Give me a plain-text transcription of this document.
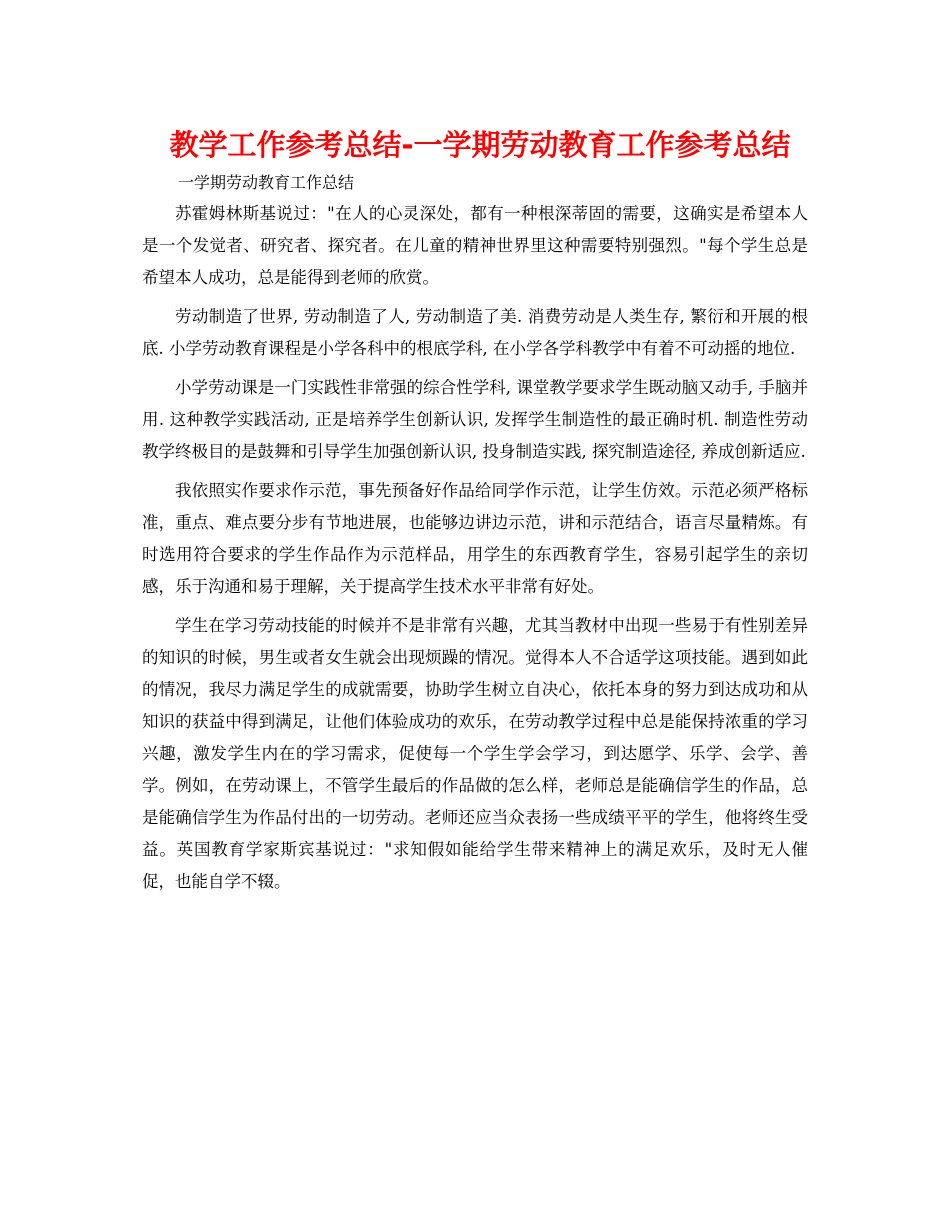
教学工作参考总结-一学期劳动教育工作参考总结
一学期劳动教育工作总结

苏霍姆林斯基说过："在人的心灵深处，都有一种根深蒂固的需要，这确实是希望本人是一个发觉者、研究者、探究者。在儿童的精神世界里这种需要特别强烈。"每个学生总是希望本人成功，总是能得到老师的欣赏。

劳动制造了世界, 劳动制造了人, 劳动制造了美. 消费劳动是人类生存, 繁衍和开展的根底. 小学劳动教育课程是小学各科中的根底学科, 在小学各学科教学中有着不可动摇的地位.

小学劳动课是一门实践性非常强的综合性学科, 课堂教学要求学生既动脑又动手, 手脑并用. 这种教学实践活动, 正是培养学生创新认识, 发挥学生制造性的最正确时机. 制造性劳动教学终极目的是鼓舞和引导学生加强创新认识, 投身制造实践, 探究制造途径, 养成创新适应.

我依照实作要求作示范，事先预备好作品给同学作示范，让学生仿效。示范必须严格标准，重点、难点要分步有节地进展，也能够边讲边示范，讲和示范结合，语言尽量精炼。有时选用符合要求的学生作品作为示范样品，用学生的东西教育学生，容易引起学生的亲切感，乐于沟通和易于理解，关于提高学生技术水平非常有好处。

学生在学习劳动技能的时候并不是非常有兴趣，尤其当教材中出现一些易于有性别差异的知识的时候，男生或者女生就会出现烦躁的情况。觉得本人不合适学这项技能。遇到如此的情况，我尽力满足学生的成就需要，协助学生树立自决心，依托本身的努力到达成功和从知识的获益中得到满足，让他们体验成功的欢乐，在劳动教学过程中总是能保持浓重的学习兴趣，激发学生内在的学习需求，促使每一个学生学会学习，到达愿学、乐学、会学、善学。例如，在劳动课上，不管学生最后的作品做的怎么样，老师总是能确信学生的作品，总是能确信学生为作品付出的一切劳动。老师还应当众表扬一些成绩平平的学生，他将终生受益。英国教育学家斯宾基说过："求知假如能给学生带来精神上的满足欢乐，及时无人催促，也能自学不辍。
